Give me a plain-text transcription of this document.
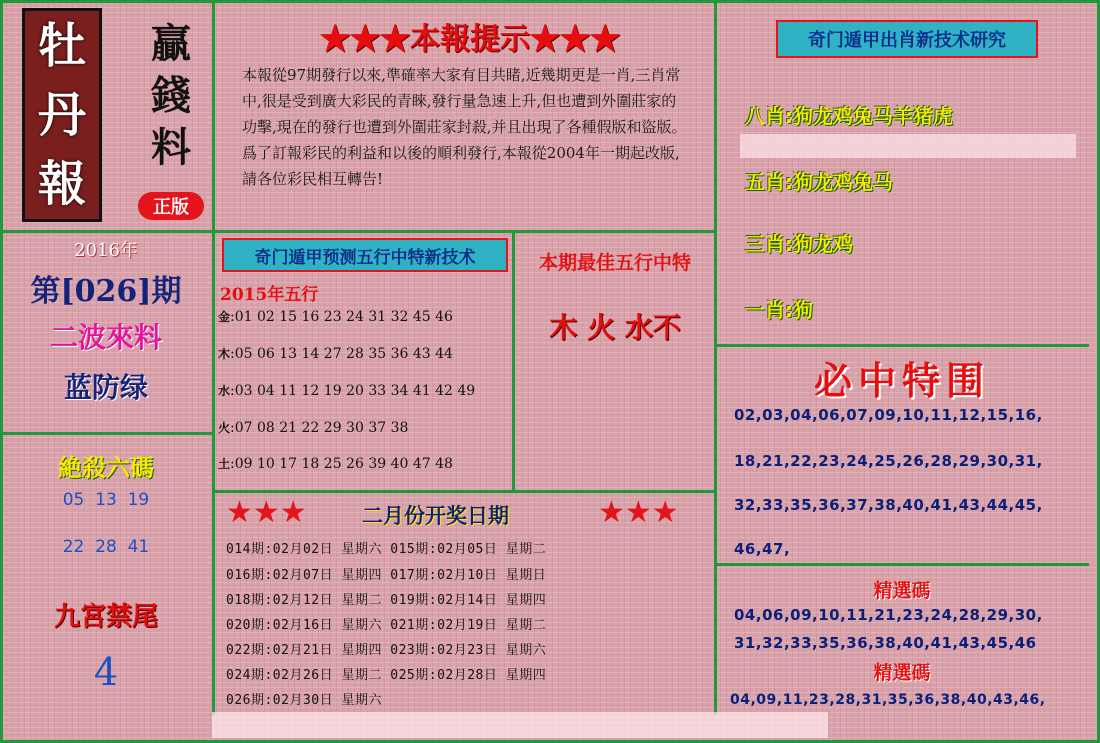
牡
丹
報
贏
錢
料
正版
★★★本報提示★★★
本報從97期發行以來,準確率大家有目共睹,近幾期更是一肖,三肖常中,很是受到廣大彩民的青睞,發行量急速上升,但也遭到外圍莊家的功擊,現在的發行也遭到外圍莊家封殺,并且出現了各種假版和盜版。爲了訂報彩民的利益和以後的順利發行,本報從2004年一期起改版,請各位彩民相互轉告!
奇门遁甲出肖新技术研究
八肖:狗龙鸡兔马羊猪虎
五肖:狗龙鸡兔马
三肖:狗龙鸡
一肖:狗
2016年
第[026]期
二波來料
蓝防绿
奇门遁甲预测五行中特新技术
2015年五行
金:01 02 15 16 23 24 31 32 45 46
木:05 06 13 14 27 28 35 36 43 44
水:03 04 11 12 19 20 33 34 41 42 49
火:07 08 21 22 29 30 37 38
土:09 10 17 18 25 26 39 40 47 48
本期最佳五行中特
木 火 水不
必中特围
02,03,04,06,07,09,10,11,12,15,16,
18,21,22,23,24,25,26,28,29,30,31,
32,33,35,36,37,38,40,41,43,44,45,
46,47,
絶殺六碼
05  13  19
22  28  41
九宮禁尾
4
★★★	二月份开奖日期	★★★
014期:02月02日 星期六 015期:02月05日 星期二
016期:02月07日 星期四 017期:02月10日 星期日
018期:02月12日 星期二 019期:02月14日 星期四
020期:02月16日 星期六 021期:02月19日 星期二
022期:02月21日 星期四 023期:02月23日 星期六
024期:02月26日 星期二 025期:02月28日 星期四
026期:02月30日 星期六
精選碼
04,06,09,10,11,21,23,24,28,29,30,
31,32,33,35,36,38,40,41,43,45,46
精選碼
04,09,11,23,28,31,35,36,38,40,43,46,
